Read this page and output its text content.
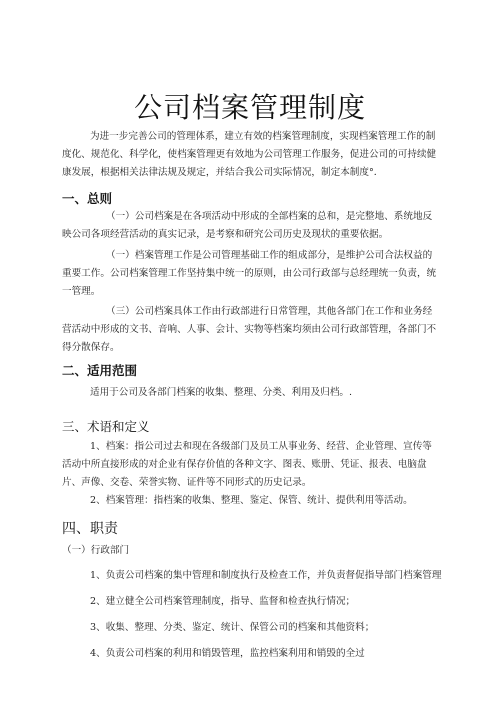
公司档案管理制度

为进一步完善公司的管理体系，建立有效的档案管理制度，实现档案管理工作的制度化、规范化、科学化，使档案管理更有效地为公司管理工作服务，促进公司的可持续健康发展，根据相关法律法规及规定，并结合我公司实际情况，制定本制度°．

一、总则

（一）公司档案是在各项活动中形成的全部档案的总和，是完整地、系统地反映公司各项经营活动的真实记录，是考察和研究公司历史及现状的重要依据。

（一）档案管理工作是公司管理基础工作的组成部分，是维护公司合法权益的重要工作。公司档案管理工作坚持集中统一的原则，由公司行政部与总经理统一负责，统一管理。

（三）公司档案具体工作由行政部进行日常管理，其他各部门在工作和业务经营活动中形成的文书、音响、人事、会计、实物等档案均须由公司行政部管理，各部门不得分散保存。

二、适用范围

适用于公司及各部门档案的收集、整理、分类、利用及归档。.

三、术语和定义

1、档案：指公司过去和现在各级部门及员工从事业务、经营、企业管理、宣传等活动中所直接形成的对企业有保存价值的各种文字、图表、账册、凭证、报表、电脑盘片、声像、交卷、荣誉实物、证件等不同形式的历史记录。

2、档案管理：指档案的收集、整理、鉴定、保管、统计、提供利用等活动。

四、职责

（一）行政部门

1、负责公司档案的集中管理和制度执行及检查工作，并负责督促指导部门档案管理

2、建立健全公司档案管理制度，指导、监督和检查执行情况；

3、收集、整理、分类、鉴定、统计、保管公司的档案和其他资料；

4、负责公司档案的利用和销毁管理，监控档案利用和销毁的全过
